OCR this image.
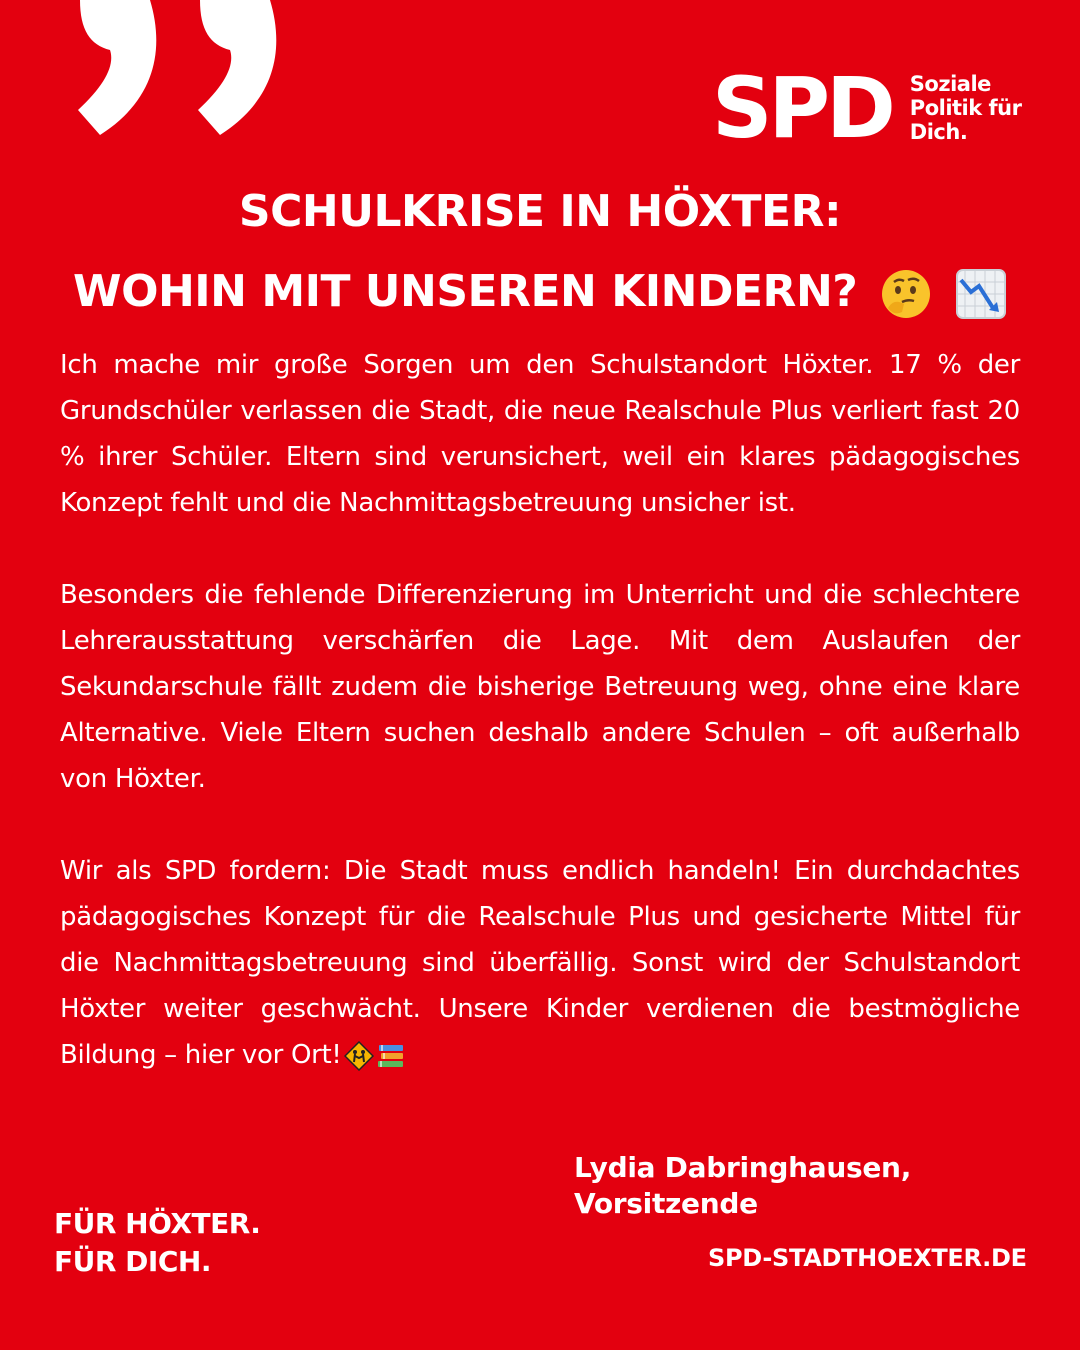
SPD Soziale
Politik für
Dich.
SCHULKRISE IN HÖXTER:
WOHIN MIT UNSEREN KINDERN?

Ich mache mir große Sorgen um den Schulstandort Höxter. 17 % der Grundschüler verlassen die Stadt, die neue Realschule Plus verliert fast 20 % ihrer Schüler. Eltern sind verunsichert, weil ein klares pädagogisches Konzept fehlt und die Nachmittagsbetreuung unsicher ist.

Besonders die fehlende Differenzierung im Unterricht und die schlechtere Lehrerausstattung verschärfen die Lage. Mit dem Auslaufen der Sekundarschule fällt zudem die bisherige Betreuung weg, ohne eine klare Alternative. Viele Eltern suchen deshalb andere Schulen – oft außerhalb von Höxter.

Wir als SPD fordern: Die Stadt muss endlich handeln! Ein durchdachtes pädagogisches Konzept für die Realschule Plus und gesicherte Mittel für die Nachmittagsbetreuung sind überfällig. Sonst wird der Schulstandort Höxter weiter geschwächt. Unsere Kinder verdienen die bestmögliche Bildung – hier vor Ort!

Lydia Dabringhausen,
Vorsitzende
FÜR HÖXTER.
FÜR DICH.	SPD-STADTHOEXTER.DE
